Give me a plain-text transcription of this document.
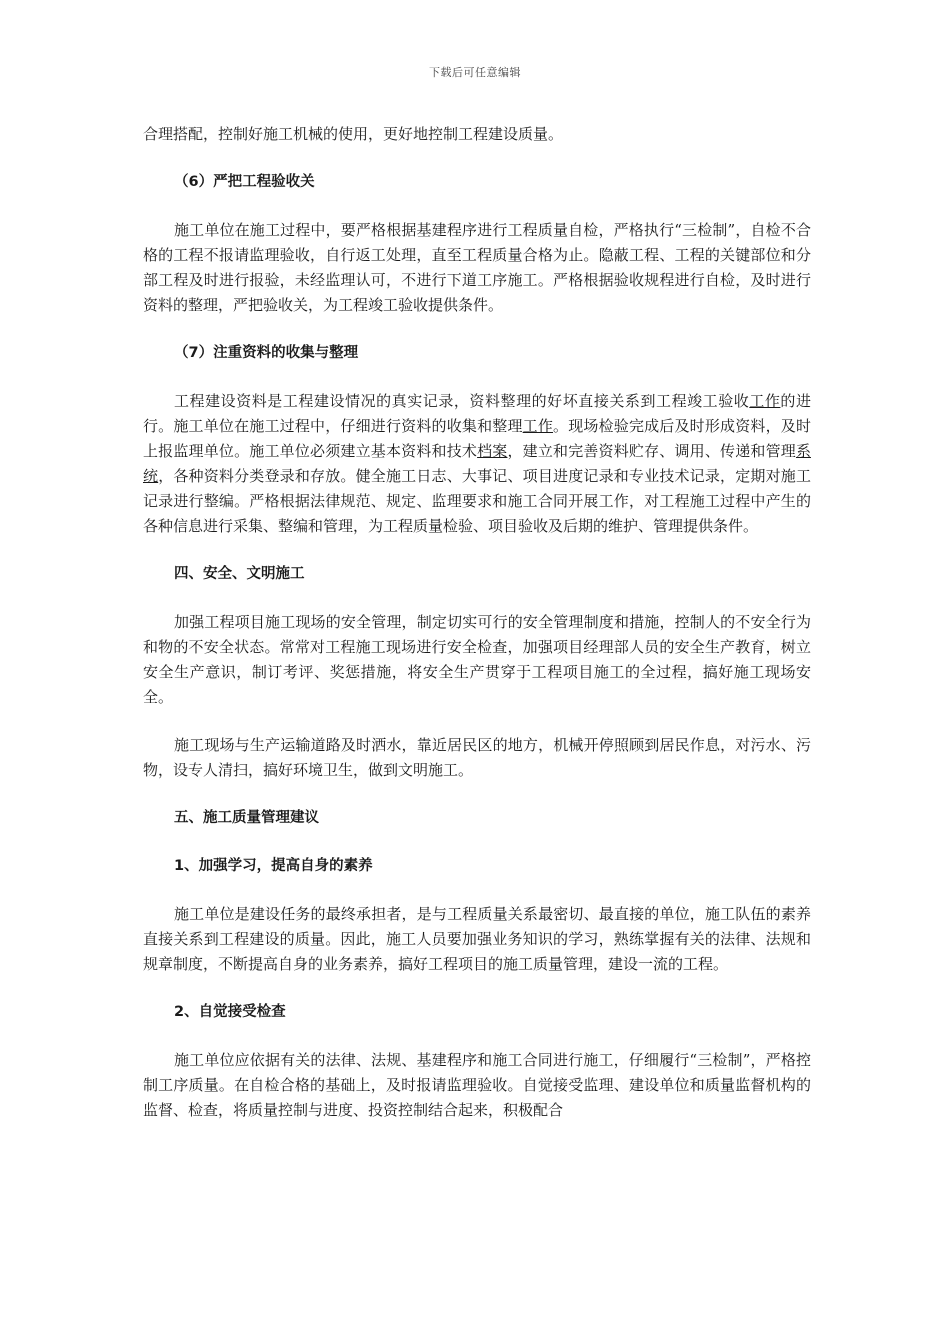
下载后可任意编辑

合理搭配，控制好施工机械的使用，更好地控制工程建设质量。

（6）严把工程验收关

施工单位在施工过程中，要严格根据基建程序进行工程质量自检，严格执行“三检制”，自检不合格的工程不报请监理验收，自行返工处理，直至工程质量合格为止。隐蔽工程、工程的关键部位和分部工程及时进行报验，未经监理认可，不进行下道工序施工。严格根据验收规程进行自检，及时进行资料的整理，严把验收关，为工程竣工验收提供条件。

（7）注重资料的收集与整理

工程建设资料是工程建设情况的真实记录，资料整理的好坏直接关系到工程竣工验收工作的进行。施工单位在施工过程中，仔细进行资料的收集和整理工作。现场检验完成后及时形成资料，及时上报监理单位。施工单位必须建立基本资料和技术档案，建立和完善资料贮存、调用、传递和管理系统，各种资料分类登录和存放。健全施工日志、大事记、项目进度记录和专业技术记录，定期对施工记录进行整编。严格根据法律规范、规定、监理要求和施工合同开展工作，对工程施工过程中产生的各种信息进行采集、整编和管理，为工程质量检验、项目验收及后期的维护、管理提供条件。

四、安全、文明施工

加强工程项目施工现场的安全管理，制定切实可行的安全管理制度和措施，控制人的不安全行为和物的不安全状态。常常对工程施工现场进行安全检查，加强项目经理部人员的安全生产教育，树立安全生产意识，制订考评、奖惩措施，将安全生产贯穿于工程项目施工的全过程，搞好施工现场安全。

施工现场与生产运输道路及时洒水，靠近居民区的地方，机械开停照顾到居民作息，对污水、污物，设专人清扫，搞好环境卫生，做到文明施工。

五、施工质量管理建议

1、加强学习，提高自身的素养

施工单位是建设任务的最终承担者，是与工程质量关系最密切、最直接的单位，施工队伍的素养直接关系到工程建设的质量。因此，施工人员要加强业务知识的学习，熟练掌握有关的法律、法规和规章制度，不断提高自身的业务素养，搞好工程项目的施工质量管理，建设一流的工程。

2、自觉接受检查

施工单位应依据有关的法律、法规、基建程序和施工合同进行施工，仔细履行“三检制”，严格控制工序质量。在自检合格的基础上，及时报请监理验收。自觉接受监理、建设单位和质量监督机构的监督、检查，将质量控制与进度、投资控制结合起来，积极配合
